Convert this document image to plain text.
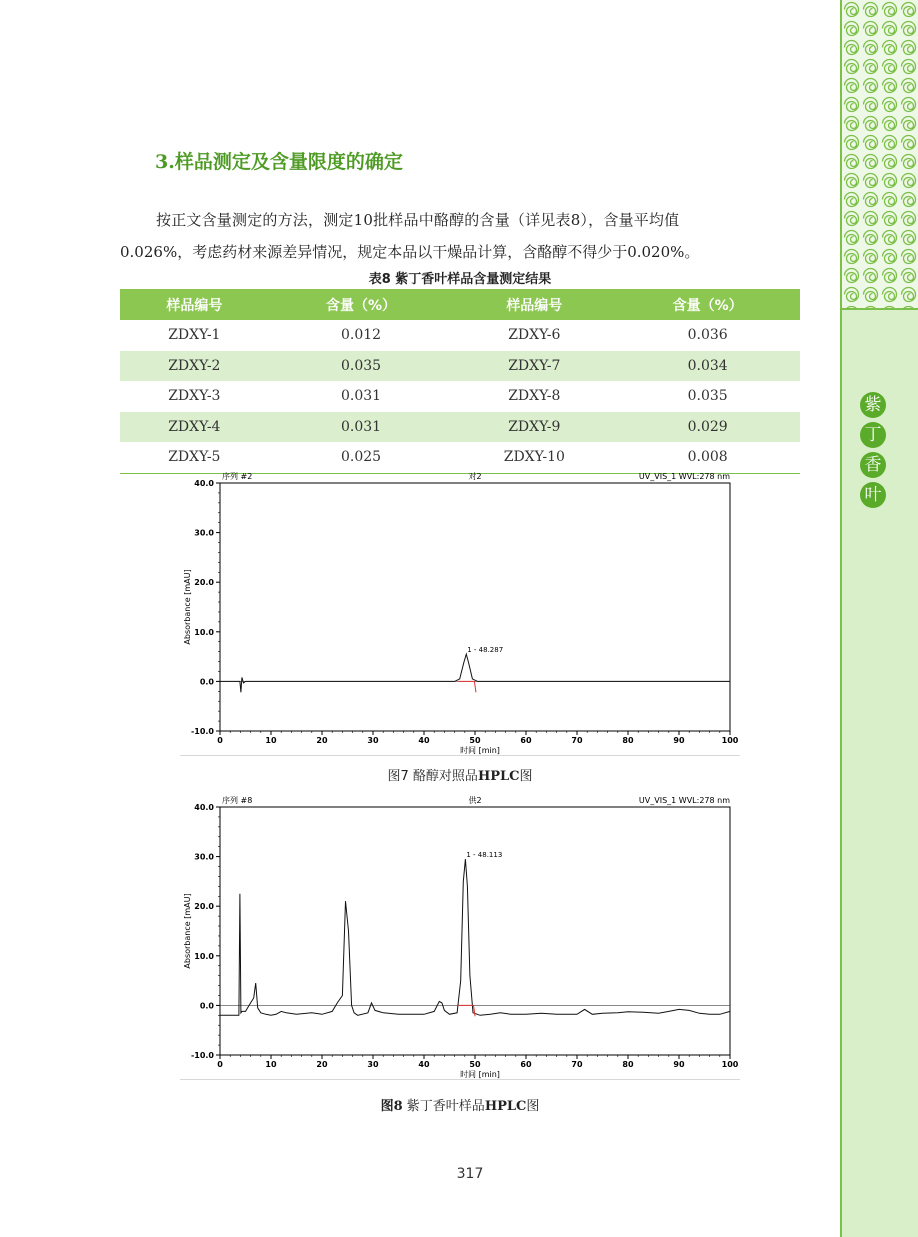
紫
丁
香
叶
3.样品测定及含量限度的确定
按正文含量测定的方法，测定10批样品中酪醇的含量（详见表8），含量平均值
0.026%，考虑药材来源差异情况，规定本品以干燥品计算，含酪醇不得少于0.020%。
表8 紫丁香叶样品含量测定结果
样品编号	含量（%）	样品编号	含量（%）
ZDXY-1	0.012	ZDXY-6	0.036
ZDXY-2	0.035	ZDXY-7	0.034
ZDXY-3	0.031	ZDXY-8	0.035
ZDXY-4	0.031	ZDXY-9	0.029
ZDXY-5	0.025	ZDXY-10	0.008
序列 #2	对2	UV_VIS_1 WVL:278 nm
-10.0
0.0
10.0
20.0
30.0
40.0
0	10	20	30	40	50	60	70	80	90	100
时间 [min]
Absorbance [mAU]
1 - 48.287
图7 酪醇对照品HPLC图
序列 #8	供2	UV_VIS_1 WVL:278 nm
-10.0
0.0
10.0
20.0
30.0
40.0
0	10	20	30	40	50	60	70	80	90	100
时间 [min]
Absorbance [mAU]
1 - 48.113
图8 紫丁香叶样品HPLC图
317
